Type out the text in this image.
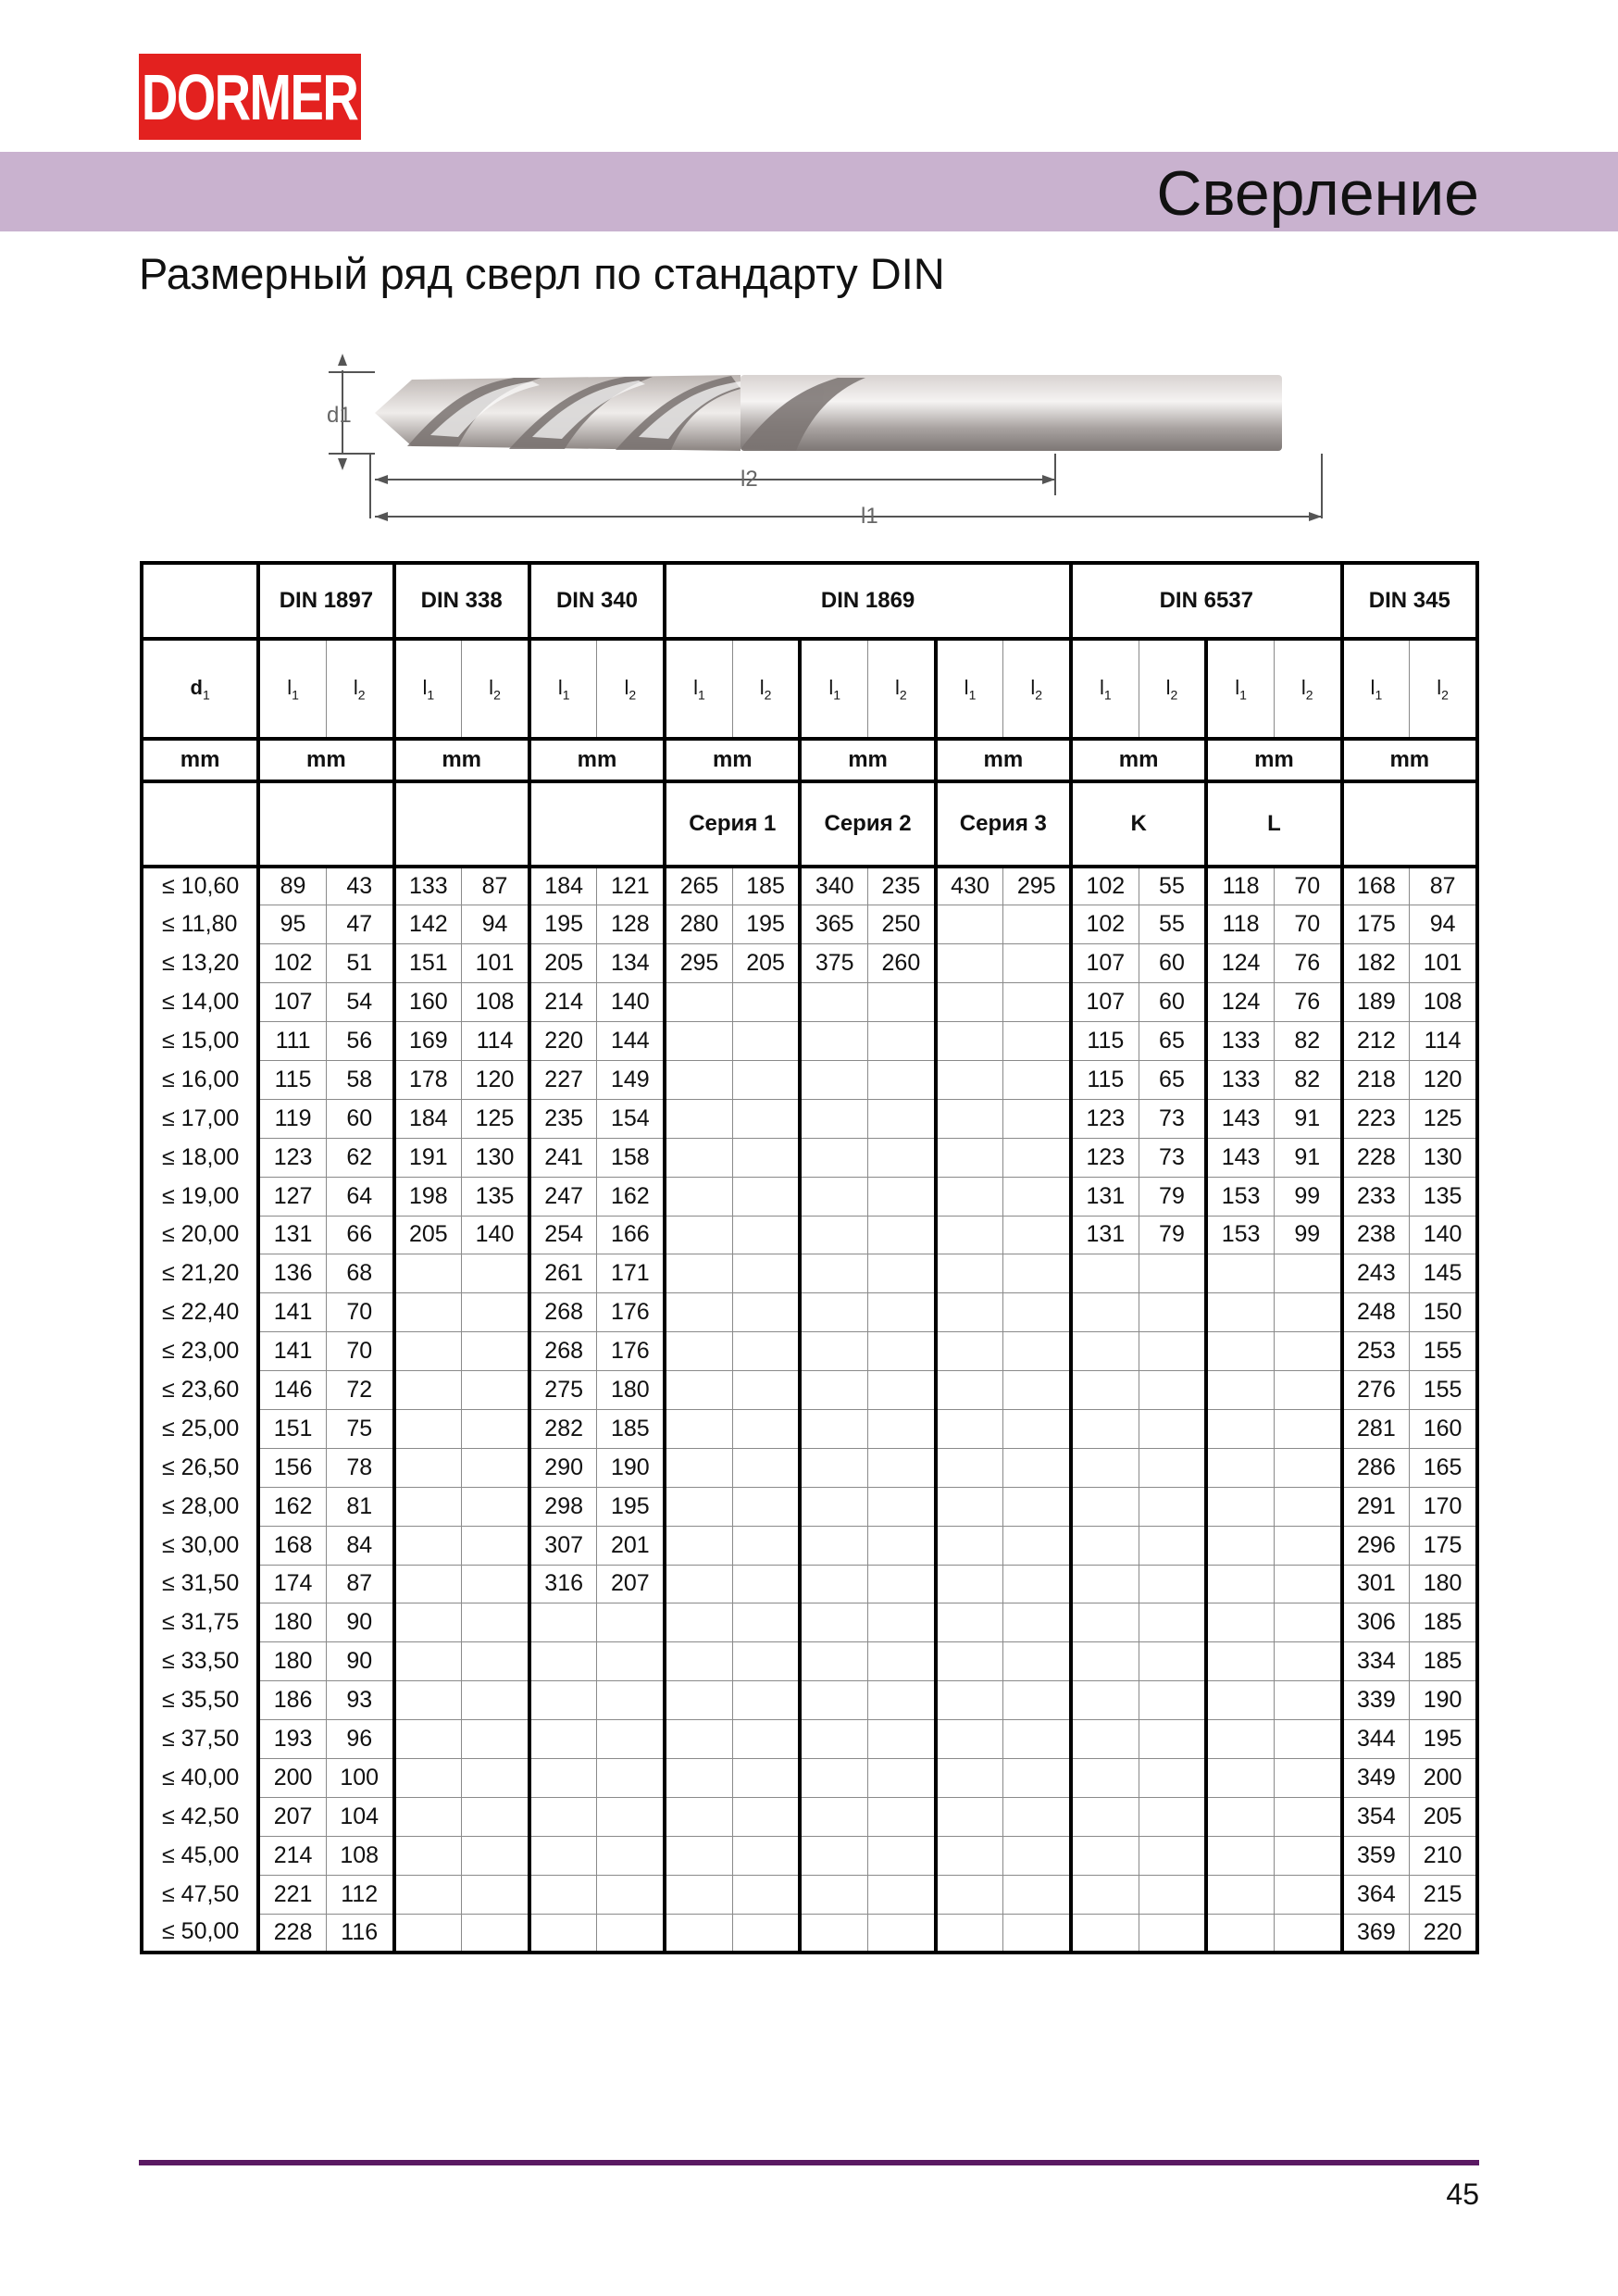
DORMER
Сверление
Размерный ряд сверл по стандарту DIN
d1
l2
l1
	DIN 1897		DIN 338		DIN 340		DIN 1869						DIN 6537				DIN 345	
$d_1$	$l_1$	$l_2$	$l_1$	$l_2$	$l_1$	$l_2$	$l_1$	$l_2$	$l_1$	$l_2$	$l_1$	$l_2$	$l_1$	$l_2$	$l_1$	$l_2$	$l_1$	$l_2$
mm	mm		mm		mm		mm		mm		mm		mm		mm		mm	
							Серия 1		Серия 2		Серия 3		K		L			
≤ 10,60	89	43	133	87	184	121	265	185	340	235	430	295	102	55	118	70	168	87
≤ 11,80	95	47	142	94	195	128	280	195	365	250			102	55	118	70	175	94
≤ 13,20	102	51	151	101	205	134	295	205	375	260			107	60	124	76	182	101
≤ 14,00	107	54	160	108	214	140							107	60	124	76	189	108
≤ 15,00	111	56	169	114	220	144							115	65	133	82	212	114
≤ 16,00	115	58	178	120	227	149							115	65	133	82	218	120
≤ 17,00	119	60	184	125	235	154							123	73	143	91	223	125
≤ 18,00	123	62	191	130	241	158							123	73	143	91	228	130
≤ 19,00	127	64	198	135	247	162							131	79	153	99	233	135
≤ 20,00	131	66	205	140	254	166							131	79	153	99	238	140
≤ 21,20	136	68			261	171											243	145
≤ 22,40	141	70			268	176											248	150
≤ 23,00	141	70			268	176											253	155
≤ 23,60	146	72			275	180											276	155
≤ 25,00	151	75			282	185											281	160
≤ 26,50	156	78			290	190											286	165
≤ 28,00	162	81			298	195											291	170
≤ 30,00	168	84			307	201											296	175
≤ 31,50	174	87			316	207											301	180
≤ 31,75	180	90															306	185
≤ 33,50	180	90															334	185
≤ 35,50	186	93															339	190
≤ 37,50	193	96															344	195
≤ 40,00	200	100															349	200
≤ 42,50	207	104															354	205
≤ 45,00	214	108															359	210
≤ 47,50	221	112															364	215
≤ 50,00	228	116															369	220
45
